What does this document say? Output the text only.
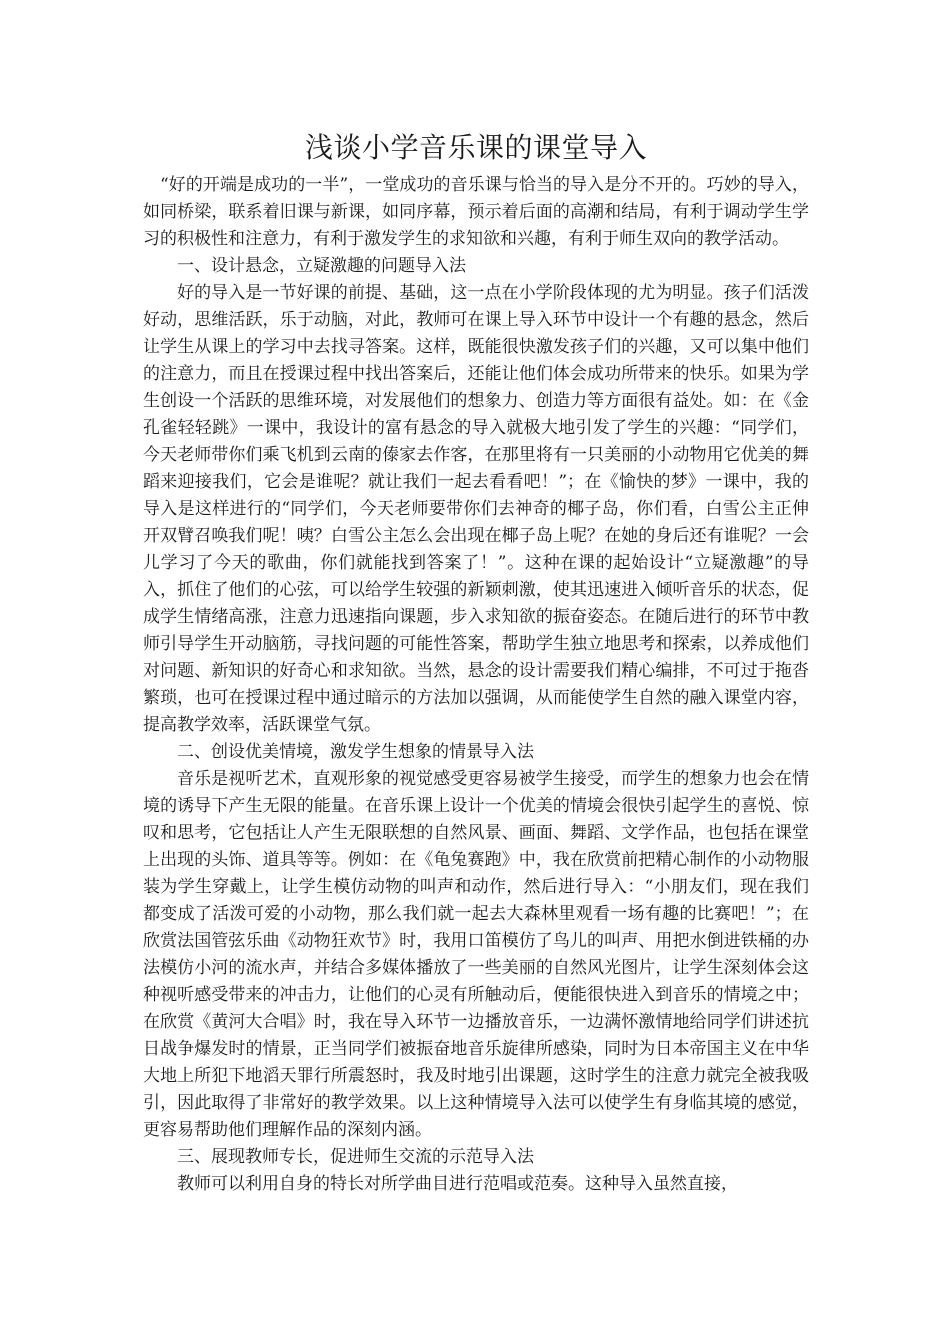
浅谈小学音乐课的课堂导入

“好的开端是成功的一半”，一堂成功的音乐课与恰当的导入是分不开的。巧妙的导入，如同桥梁，联系着旧课与新课，如同序幕，预示着后面的高潮和结局，有利于调动学生学习的积极性和注意力，有利于激发学生的求知欲和兴趣，有利于师生双向的教学活动。

一、设计悬念，立疑激趣的问题导入法

好的导入是一节好课的前提、基础，这一点在小学阶段体现的尤为明显。孩子们活泼好动，思维活跃，乐于动脑，对此，教师可在课上导入环节中设计一个有趣的悬念，然后让学生从课上的学习中去找寻答案。这样，既能很快激发孩子们的兴趣，又可以集中他们的注意力，而且在授课过程中找出答案后，还能让他们体会成功所带来的快乐。如果为学生创设一个活跃的思维环境，对发展他们的想象力、创造力等方面很有益处。如：在《金孔雀轻轻跳》一课中，我设计的富有悬念的导入就极大地引发了学生的兴趣：“同学们，今天老师带你们乘飞机到云南的傣家去作客，在那里将有一只美丽的小动物用它优美的舞蹈来迎接我们，它会是谁呢？就让我们一起去看看吧！”；在《愉快的梦》一课中，我的导入是这样进行的“同学们，今天老师要带你们去神奇的椰子岛，你们看，白雪公主正伸开双臂召唤我们呢！咦？白雪公主怎么会出现在椰子岛上呢？在她的身后还有谁呢？一会儿学习了今天的歌曲，你们就能找到答案了！”。这种在课的起始设计“立疑激趣”的导入，抓住了他们的心弦，可以给学生较强的新颖刺激，使其迅速进入倾听音乐的状态，促成学生情绪高涨，注意力迅速指向课题，步入求知欲的振奋姿态。在随后进行的环节中教师引导学生开动脑筋，寻找问题的可能性答案，帮助学生独立地思考和探索，以养成他们对问题、新知识的好奇心和求知欲。当然，悬念的设计需要我们精心编排，不可过于拖沓繁琐，也可在授课过程中通过暗示的方法加以强调，从而能使学生自然的融入课堂内容，提高教学效率，活跃课堂气氛。

二、创设优美情境，激发学生想象的情景导入法

音乐是视听艺术，直观形象的视觉感受更容易被学生接受，而学生的想象力也会在情境的诱导下产生无限的能量。在音乐课上设计一个优美的情境会很快引起学生的喜悦、惊叹和思考，它包括让人产生无限联想的自然风景、画面、舞蹈、文学作品，也包括在课堂上出现的头饰、道具等等。例如：在《龟兔赛跑》中，我在欣赏前把精心制作的小动物服装为学生穿戴上，让学生模仿动物的叫声和动作，然后进行导入：“小朋友们，现在我们都变成了活泼可爱的小动物，那么我们就一起去大森林里观看一场有趣的比赛吧！”；在欣赏法国管弦乐曲《动物狂欢节》时，我用口笛模仿了鸟儿的叫声、用把水倒进铁桶的办法模仿小河的流水声，并结合多媒体播放了一些美丽的自然风光图片，让学生深刻体会这种视听感受带来的冲击力，让他们的心灵有所触动后，便能很快进入到音乐的情境之中；在欣赏《黄河大合唱》时，我在导入环节一边播放音乐，一边满怀激情地给同学们讲述抗日战争爆发时的情景，正当同学们被振奋地音乐旋律所感染，同时为日本帝国主义在中华大地上所犯下地滔天罪行所震怒时，我及时地引出课题，这时学生的注意力就完全被我吸引，因此取得了非常好的教学效果。以上这种情境导入法可以使学生有身临其境的感觉，更容易帮助他们理解作品的深刻内涵。

三、展现教师专长，促进师生交流的示范导入法

教师可以利用自身的特长对所学曲目进行范唱或范奏。这种导入虽然直接，
